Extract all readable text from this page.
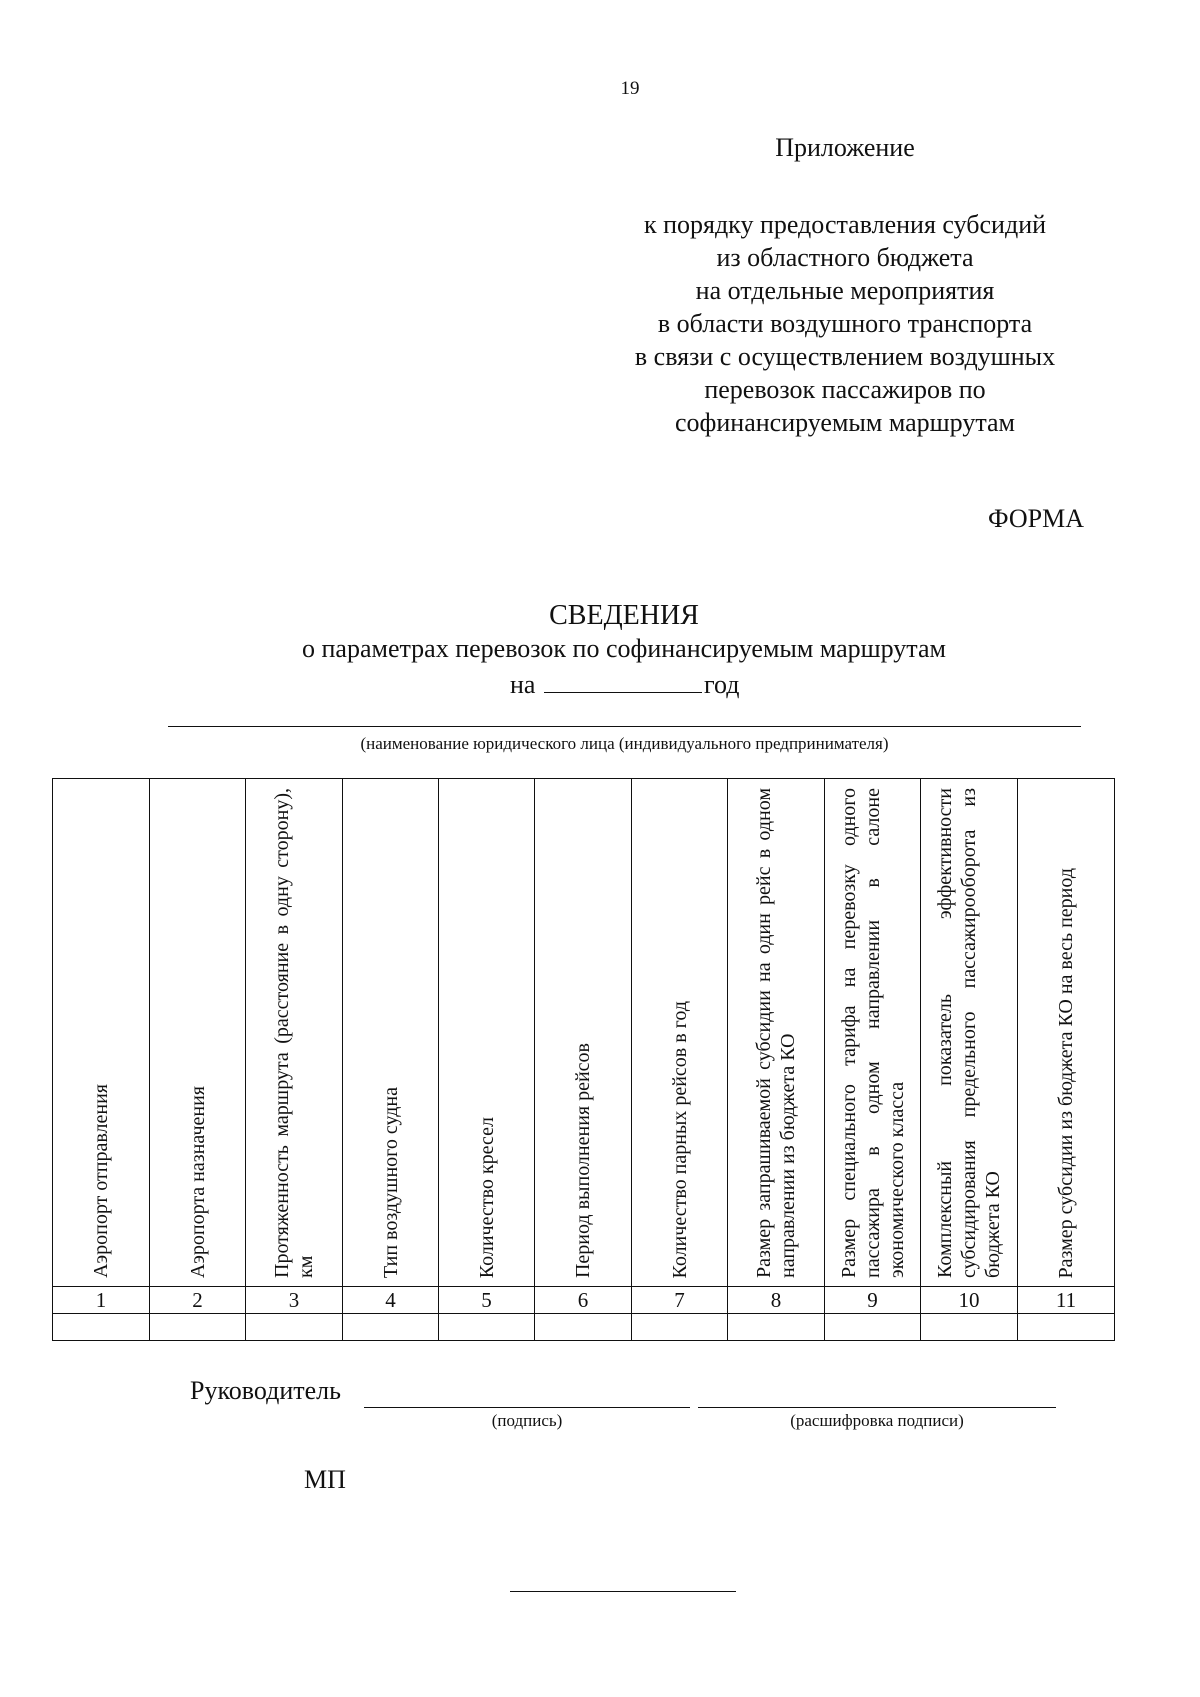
19
Приложение
к порядку предоставления субсидий
из областного бюджета
на отдельные мероприятия
в области воздушного транспорта
в связи с осуществлением воздушных
перевозок пассажиров по
софинансируемым маршрутам
ФОРМА
СВЕДЕНИЯ
о параметрах перевозок по софинансируемым маршрутам
на	год
(наименование юридического лица (индивидуального предпринимателя)
Аэропорт отправления	Аэропорта назначения	Протяженность маршрута (расстояние в одну сторону), км	Тип воздушного судна	Количество кресел	Период выполнения рейсов	Количество парных рейсов в год	Размер запрашиваемой субсидии на один рейс в одном направлении из бюджета КО	Размер специального тарифа на перевозку одного пассажира в одном направлении в салоне экономического класса	Комплексный показатель эффективности субсидирования предельного пассажирооборота из бюджета КО	Размер субсидии из бюджета КО на весь период

1	2	3	4	5	6	7	8	9	10	11

Руководитель
(подпись)	(расшифровка подписи)
МП
